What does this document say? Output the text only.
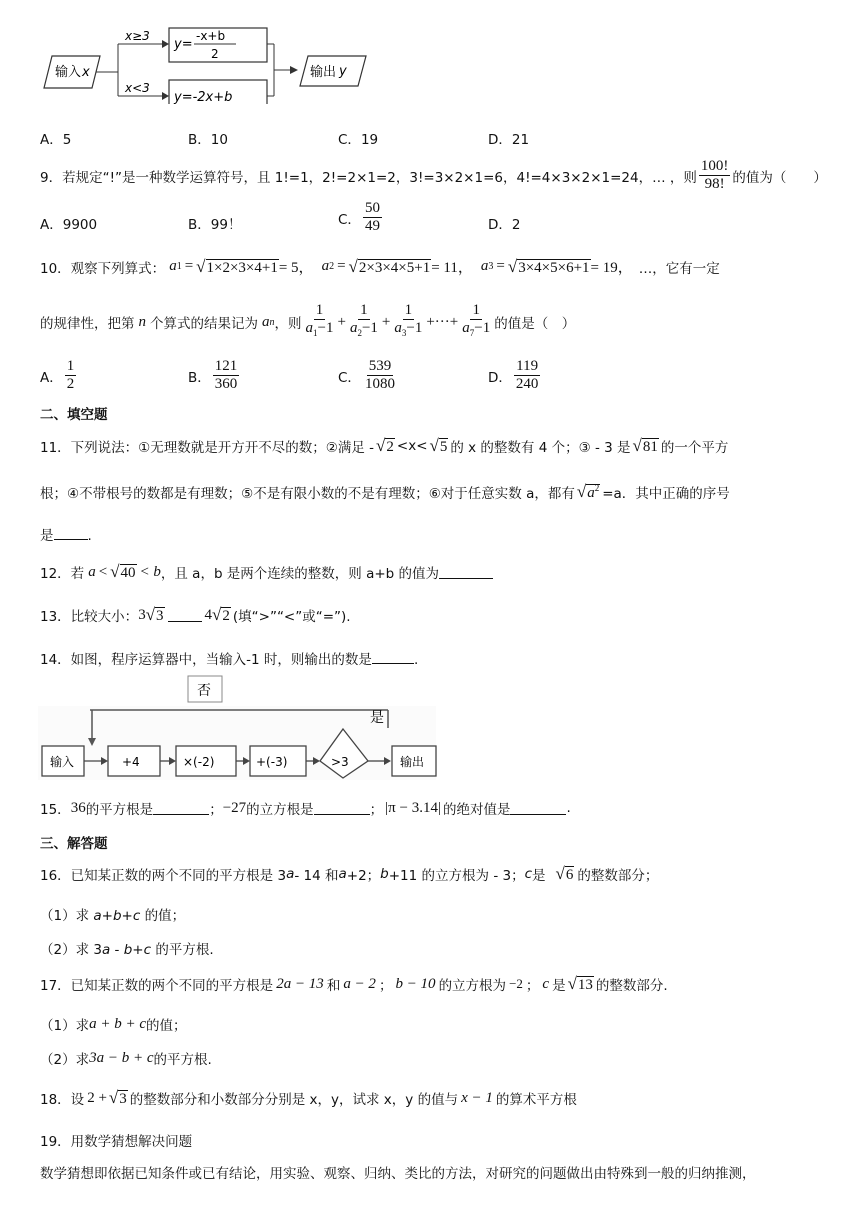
输入 x
x≥3
x<3
y=
-x+b
2
y=-2x+b
输出 y
A．5	B．10	C．19	D．21
9．若规定“!”是一种数学运算符号，且 1!=1，2!=2×1=2，3!=3×2×1=6，4!=4×3×2×1=24，… ，则 $\frac{100!}{98!}$ 的值为（　　）
A．9900	B．99！	C． $\frac{50}{49}$	D．2
10．观察下列算式： a 1 = √1×2×3×4+1 = 5， a 2 = √2×3×4×5+1 = 11， a 3 = √3×4×5×6+1 = 19， …，它有一定
的规律性，把第 n 个算式的结果记为 a n ，则 $\frac{1}{a_1-1} + \frac{1}{a_2-1} + \frac{1}{a_3-1}$ +···+ $\frac{1}{a_7-1}$ 的值是（　）
A． $\frac{1}{2}$	B． $\frac{121}{360}$	C． $\frac{539}{1080}$	D． $\frac{119}{240}$
二、填空题
11．下列说法：①无理数就是开方开不尽的数；②满足 - √2 <x< √5 的 x 的整数有 4 个；③ - 3 是 √81 的一个平方
根；④不带根号的数都是有理数；⑤不是有限小数的不是有理数；⑥对于任意实数 a，都有 $√a^2 =a$．其中正确的序号
是	.
12．若 a < √40 < b ，且 a，b 是两个连续的整数，则 a+b 的值为
13．比较大小： 3 √3	4 √2 (填“>”“<”或“=”).
14．如图，程序运算器中，当输入-1 时，则输出的数是	.
否
是
输入	+4	×(-2)	+(-3)	>3	输出
15． 36 的平方根是	； −27 的立方根是	； |π − 3.14| 的绝对值是	.
三、解答题
16．已知某正数的两个不同的平方根是 3 a - 14 和 a +2； b +11 的立方根为 - 3； c 是 √6 的整数部分；
（1）求 a+b+c 的值；
（2）求 3a - b+c 的平方根.
17．已知某正数的两个不同的平方根是 2a − 13 和 a − 2 ； b − 10 的立方根为 −2 ； c 是 √13 的整数部分.
（1）求 a + b + c 的值；
（2）求 3a − b + c 的平方根.
18．设 2 + √3 的整数部分和小数部分分别是 x，y，试求 x，y 的值与 x − 1 的算术平方根
19．用数学猜想解决问题
数学猜想即依据已知条件或已有结论，用实验、观察、归纳、类比的方法，对研究的问题做出由特殊到一般的归纳推测，
